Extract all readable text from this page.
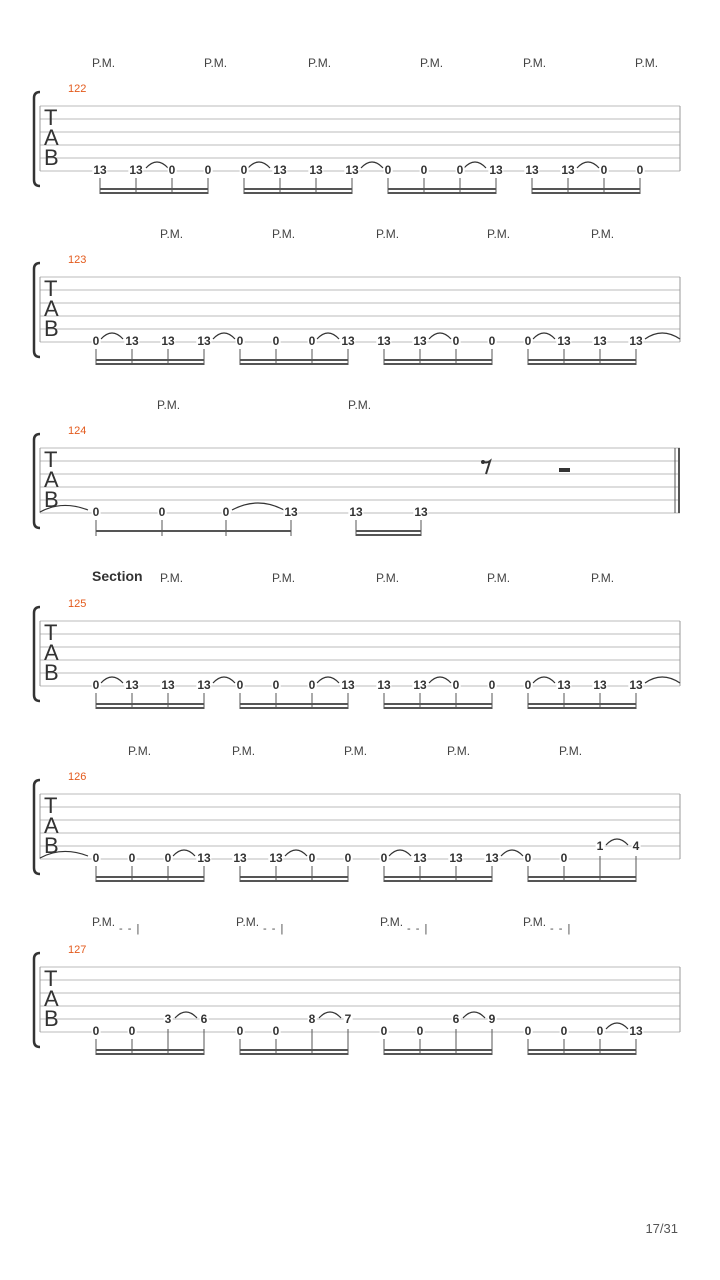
P.M.	P.M.	P.M.	P.M.	P.M.	P.M.
122
T
A
B	13 13 0 0 0 13 13 13 0 0 0 13 13 13 0 0
P.M.	P.M.	P.M.	P.M.	P.M.
123
T
A
B	0 13 13 13 0 0 0 13 13 13 0 0 0 13 13 13
P.M.	P.M.
124
T
A
B	0	0	0	13	13	13
Section P.M.	P.M.	P.M.	P.M.	P.M.
125
T
A
B	0 13 13 13 0 0 0 13 13 13 0 0 0 13 13 13
P.M.	P.M.	P.M.	P.M.	P.M.
126
T
A
B	0 0 0 13 13 13 0 0 0 13 13 13 0 0
1 4
P.M. - - |	P.M. - - |	P.M. - - |	P.M. - - |
127
T
A
B	0 0
3 6
0 0
8 7
0 0
6 9
0 0 0 13
17/31
